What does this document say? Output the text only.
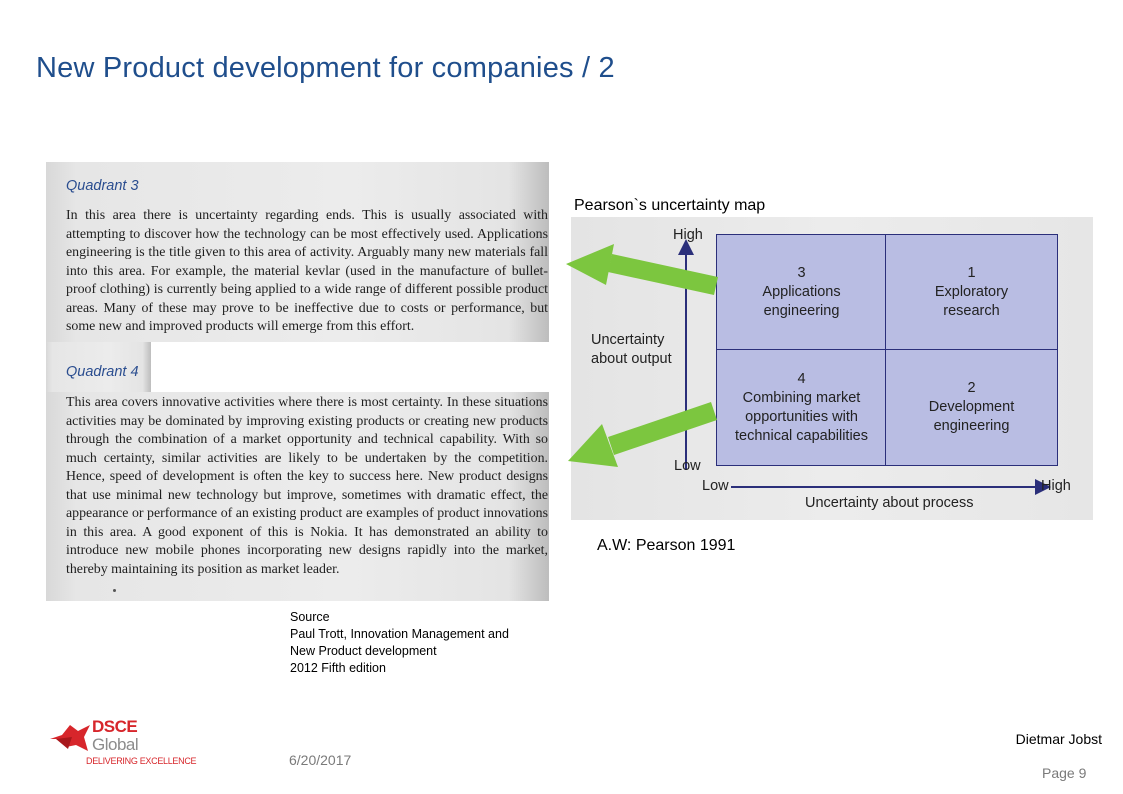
New Product development for companies / 2
Quadrant 3
In this area there is uncertainty regarding ends. This is usually associated with attempting to discover how the technology can be most effectively used. Applications engineering is the title given to this area of activity. Arguably many new materials fall into this area. For example, the material kevlar (used in the manufacture of bullet-proof clothing) is currently being applied to a wide range of different possible product areas. Many of these may prove to be ineffective due to costs or performance, but some new and improved products will emerge from this effort.
Quadrant 4
This area covers innovative activities where there is most certainty. In these situations activities may be dominated by improving existing products or creating new products through the combination of a market opportunity and technical capability. With so much certainty, similar activities are likely to be undertaken by the competition. Hence, speed of development is often the key to success here. New product designs that use minimal new technology but improve, sometimes with dramatic effect, the appearance or performance of an existing product are examples of product innovations in this area. A good exponent of this is Nokia. It has demonstrated an ability to introduce new mobile phones incorporating new designs rapidly into the market, thereby maintaining its position as market leader.
Pearson`s uncertainty map
High
Low
Uncertainty about output
Low	High
Uncertainty about process
3
Applications engineering
1
Exploratory research
4
Combining market opportunities with technical capabilities
2
Development engineering
A.W: Pearson 1991
Source
Paul Trott, Innovation Management and
New Product development
2012 Fifth edition
DSCE
Global
DELIVERING EXCELLENCE	6/20/2017
Dietmar Jobst
Page 9
